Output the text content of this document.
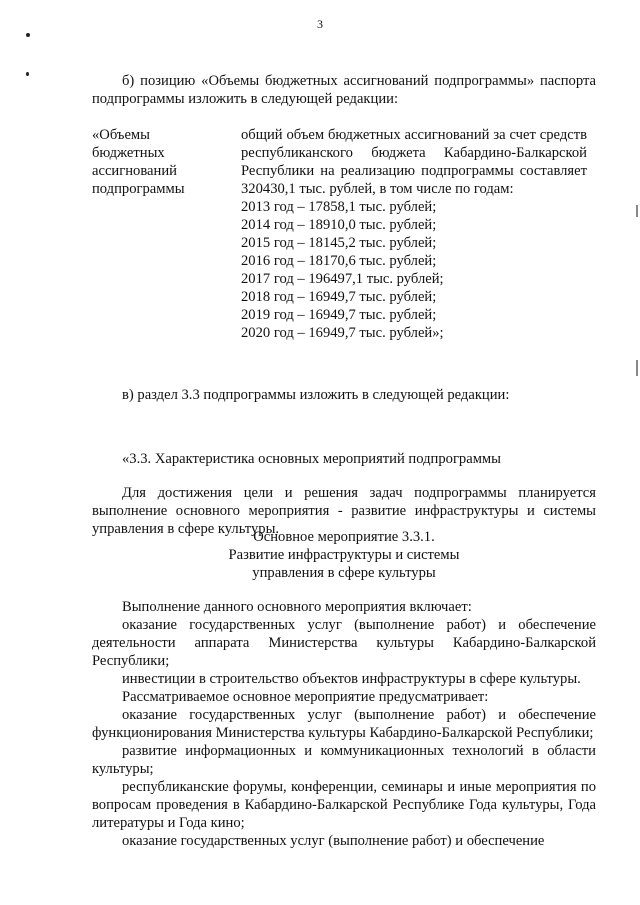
3

б) позицию «Объемы бюджетных ассигнований подпрограммы» паспорта подпрограммы изложить в следующей редакции:

«Объемы бюджетных ассигнований подпрограммы
общий объем бюджетных ассигнований за счет средств республиканского бюджета Кабардино-Балкарской Республики на реализацию подпрограммы составляет 320430,1 тыс. рублей, в том числе по годам:
2013 год – 17858,1 тыс. рублей;
2014 год – 18910,0 тыс. рублей;
2015 год – 18145,2 тыс. рублей;
2016 год – 18170,6 тыс. рублей;
2017 год – 196497,1 тыс. рублей;
2018 год – 16949,7 тыс. рублей;
2019 год – 16949,7 тыс. рублей;
2020 год – 16949,7 тыс. рублей»;

в) раздел 3.3 подпрограммы изложить в следующей редакции:

«3.3. Характеристика основных мероприятий подпрограммы

Для достижения цели и решения задач подпрограммы планируется выполнение основного мероприятия - развитие инфраструктуры и системы управления в сфере культуры.

Основное мероприятие 3.3.1.
Развитие инфраструктуры и системы
управления в сфере культуры

Выполнение данного основного мероприятия включает:

оказание государственных услуг (выполнение работ) и обеспечение деятельности аппарата Министерства культуры Кабардино-Балкарской Республики;

инвестиции в строительство объектов инфраструктуры в сфере культуры.

Рассматриваемое основное мероприятие предусматривает:

оказание государственных услуг (выполнение работ) и обеспечение функционирования Министерства культуры Кабардино-Балкарской Республики;

развитие информационных и коммуникационных технологий в области культуры;

республиканские форумы, конференции, семинары и иные мероприятия по вопросам проведения в Кабардино-Балкарской Республике Года культуры, Года литературы и Года кино;

оказание государственных услуг (выполнение работ) и обеспечение
